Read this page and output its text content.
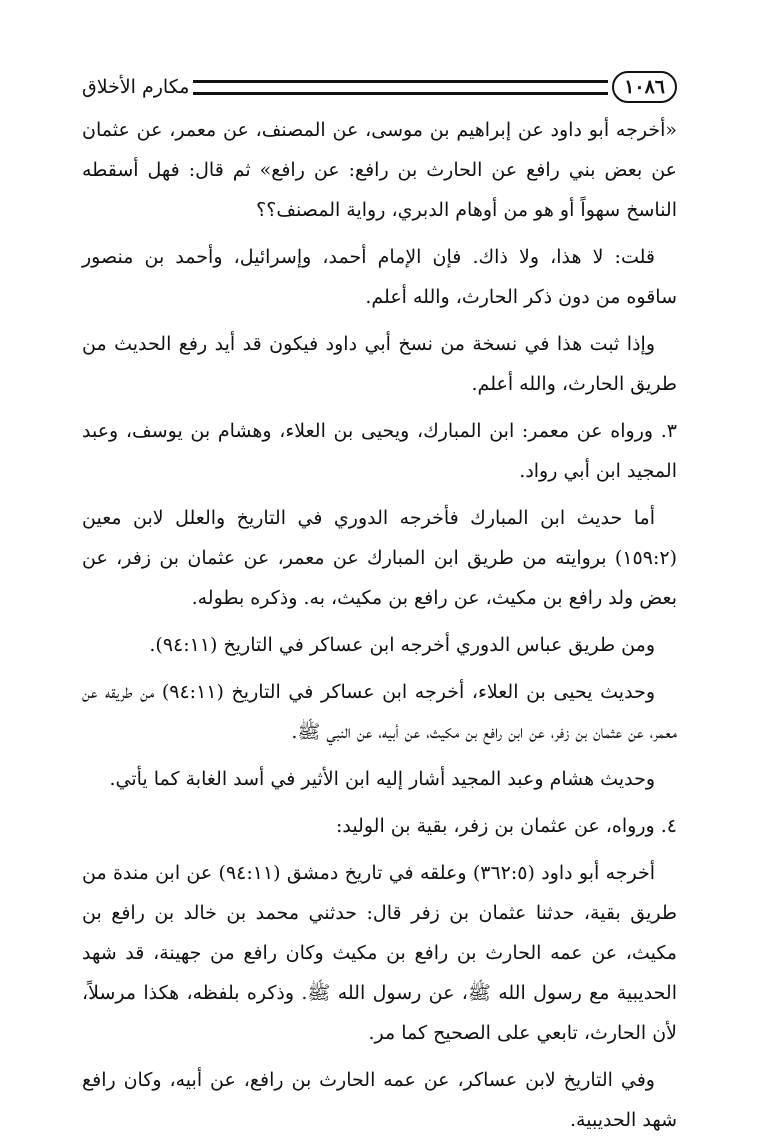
١٠٨٦
مكارم الأخلاق

«أخرجه أبو داود عن إبراهيم بن موسى، عن المصنف، عن معمر، عن عثمان عن بعض بني رافع عن الحارث بن رافع: عن رافع» ثم قال: فهل أسقطه الناسخ سهواً أو هو من أوهام الدبري، رواية المصنف؟؟

قلت: لا هذا، ولا ذاك. فإن الإمام أحمد، وإسرائيل، وأحمد بن منصور ساقوه من دون ذكر الحارث، والله أعلم.

وإذا ثبت هذا في نسخة من نسخ أبي داود فيكون قد أيد رفع الحديث من طريق الحارث، والله أعلم.

٣. ورواه عن معمر: ابن المبارك، ويحيى بن العلاء، وهشام بن يوسف، وعبد المجيد ابن أبي رواد.

أما حديث ابن المبارك فأخرجه الدوري في التاريخ والعلل لابن معين (١٥٩:٢) بروايته من طريق ابن المبارك عن معمر، عن عثمان بن زفر، عن بعض ولد رافع بن مكيث، عن رافع بن مكيث، به. وذكره بطوله.

ومن طريق عباس الدوري أخرجه ابن عساكر في التاريخ (٩٤:١١).

وحديث يحيى بن العلاء، أخرجه ابن عساكر في التاريخ (٩٤:١١) من طريقه عن معمر، عن عثمان بن زفر، عن ابن رافع بن مكيث، عن أبيه، عن النبي ﷺ.

وحديث هشام وعبد المجيد أشار إليه ابن الأثير في أسد الغابة كما يأتي.

٤. ورواه، عن عثمان بن زفر، بقية بن الوليد:

أخرجه أبو داود (٣٦٢:٥) وعلقه في تاريخ دمشق (٩٤:١١) عن ابن مندة من طريق بقية، حدثنا عثمان بن زفر قال: حدثني محمد بن خالد بن رافع بن مكيث، عن عمه الحارث بن رافع بن مكيث وكان رافع من جهينة، قد شهد الحديبية مع رسول الله ﷺ، عن رسول الله ﷺ. وذكره بلفظه، هكذا مرسلاً، لأن الحارث، تابعي على الصحيح كما مر.

وفي التاريخ لابن عساكر، عن عمه الحارث بن رافع، عن أبيه، وكان رافع شهد الحديبية.
